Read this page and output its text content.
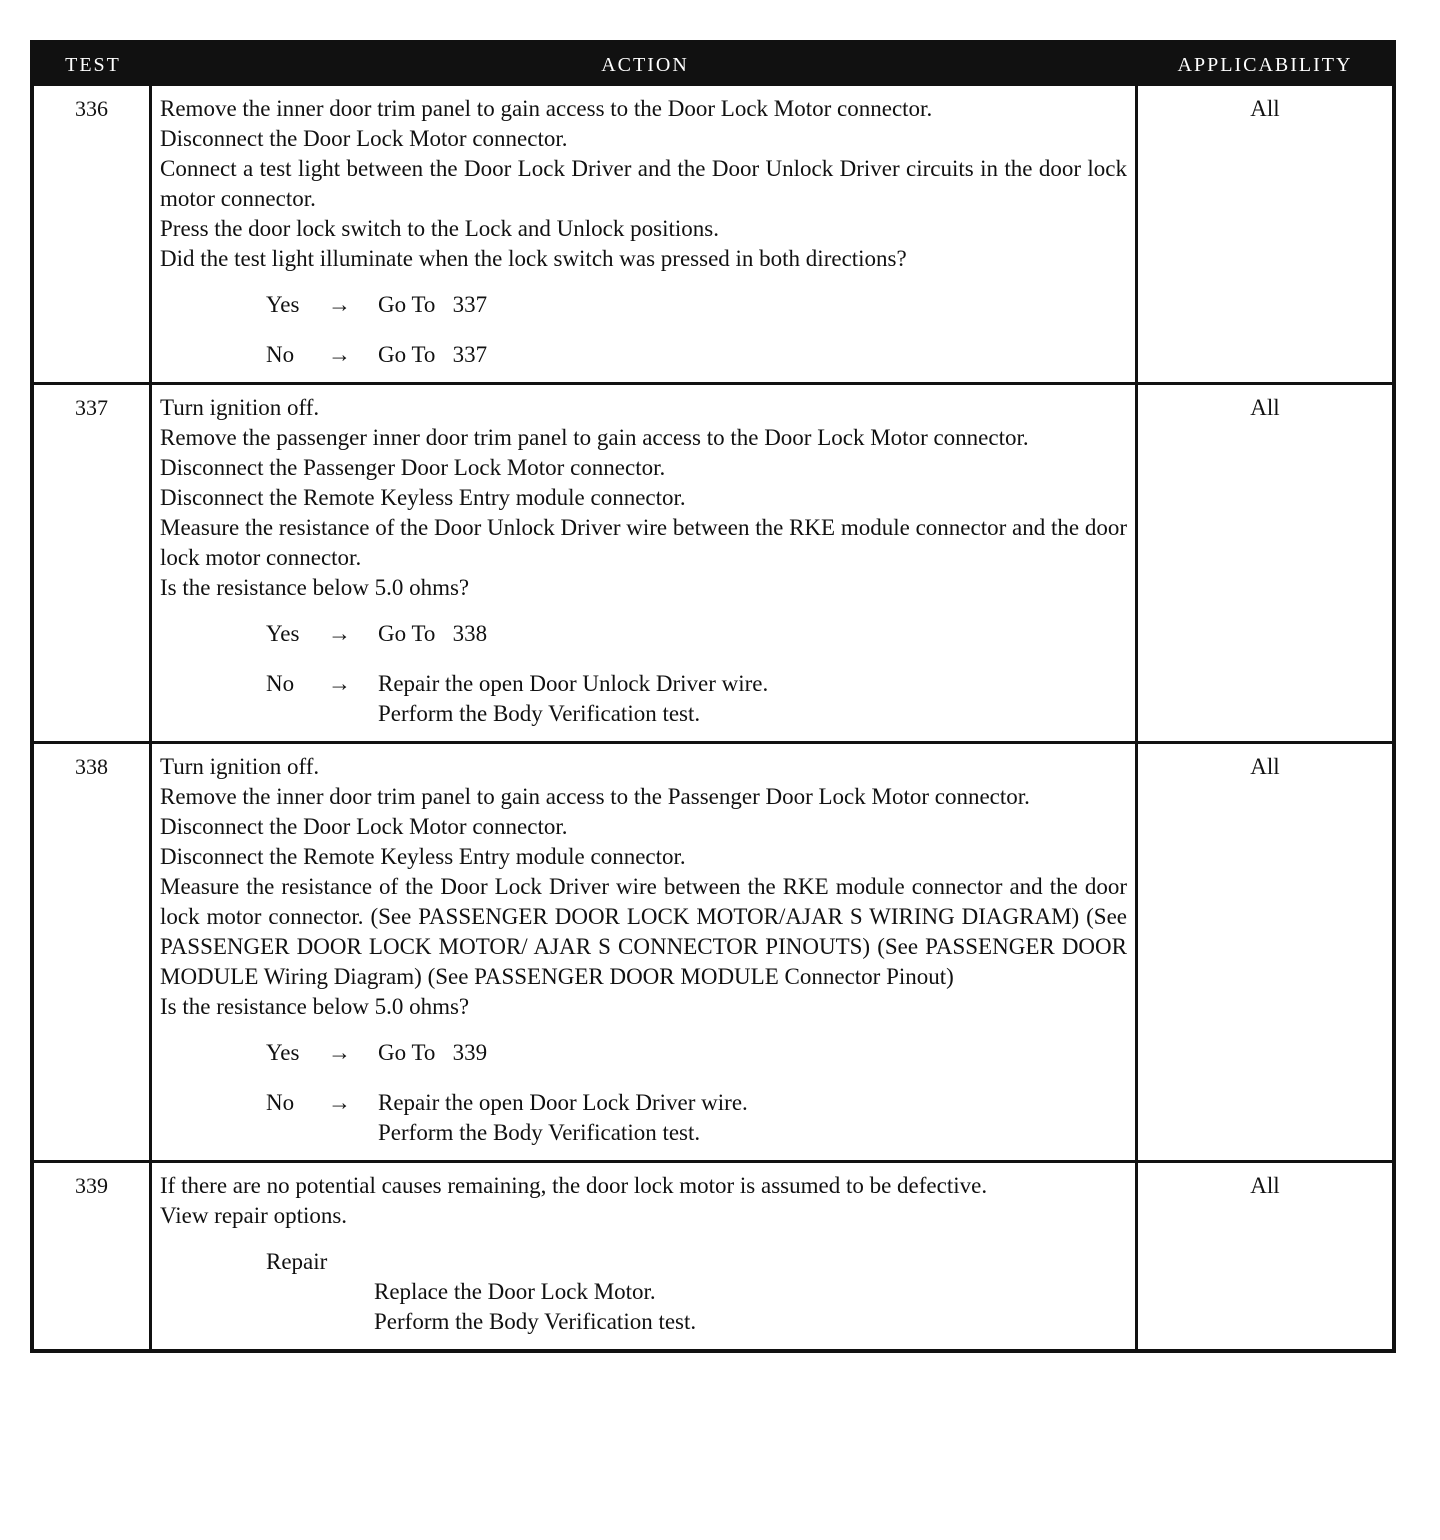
TEST	ACTION	APPLICABILITY
336	Remove the inner door trim panel to gain access to the Door Lock Motor connector.
Disconnect the Door Lock Motor connector.
Connect a test light between the Door Lock Driver and the Door Unlock Driver circuits in the door lock motor connector.
Press the door lock switch to the Lock and Unlock positions.
Did the test light illuminate when the lock switch was pressed in both directions?
Yes	→	Go To   337
No	→	Go To   337
All
337	Turn ignition off.
Remove the passenger inner door trim panel to gain access to the Door Lock Motor connector.
Disconnect the Passenger Door Lock Motor connector.
Disconnect the Remote Keyless Entry module connector.
Measure the resistance of the Door Unlock Driver wire between the RKE module connector and the door lock motor connector.
Is the resistance below 5.0 ohms?
Yes	→	Go To   338
No	→	Repair the open Door Unlock Driver wire.
Perform the Body Verification test.
All
338	Turn ignition off.
Remove the inner door trim panel to gain access to the Passenger Door Lock Motor connector.
Disconnect the Door Lock Motor connector.
Disconnect the Remote Keyless Entry module connector.
Measure the resistance of the Door Lock Driver wire between the RKE module connector and the door lock motor connector. (See PASSENGER DOOR LOCK MOTOR/AJAR S WIRING DIAGRAM) (See PASSENGER DOOR LOCK MOTOR/ AJAR S CONNECTOR PINOUTS) (See PASSENGER DOOR MODULE Wiring Diagram) (See PASSENGER DOOR MODULE Connector Pinout)
Is the resistance below 5.0 ohms?
Yes	→	Go To   339
No	→	Repair the open Door Lock Driver wire.
Perform the Body Verification test.
All
339	If there are no potential causes remaining, the door lock motor is assumed to be defective.
View repair options.
Repair
Replace the Door Lock Motor.
Perform the Body Verification test.
All
